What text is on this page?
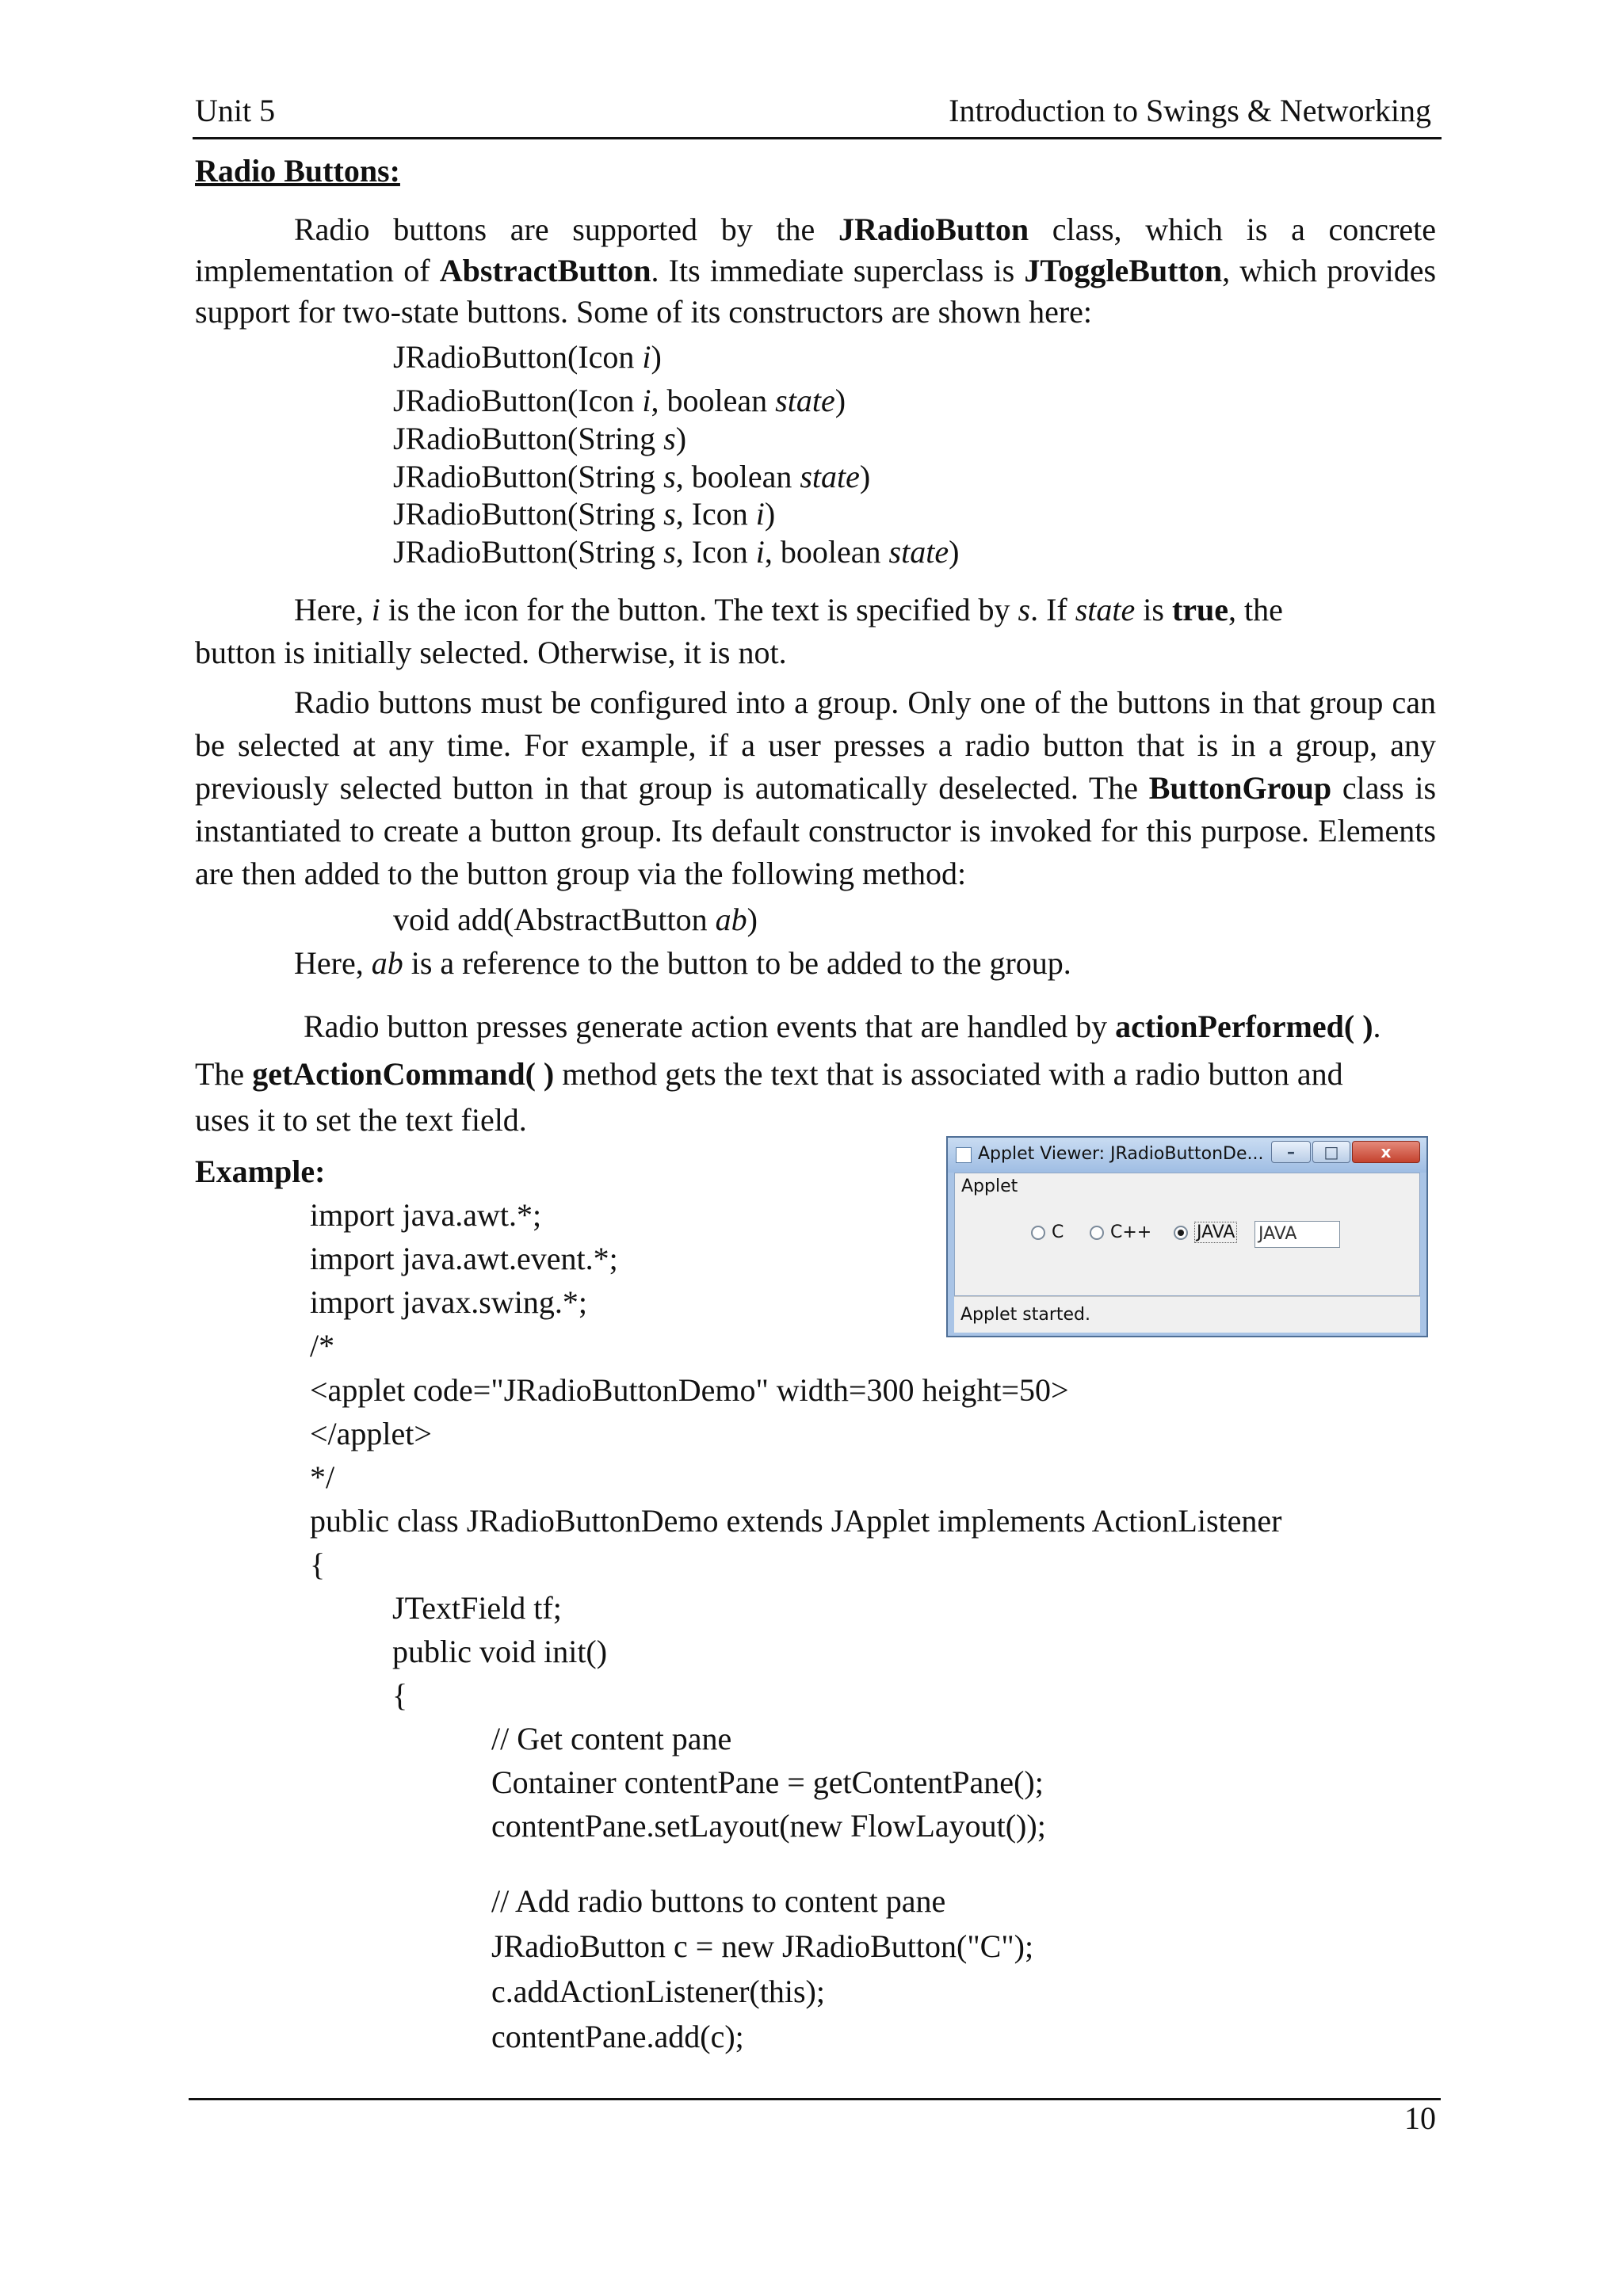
Unit 5	Introduction to Swings & Networking
Radio Buttons:

Radio buttons are supported by the JRadioButton class, which is a concrete implementation of AbstractButton. Its immediate superclass is JToggleButton, which provides support for two-state buttons. Some of its constructors are shown here:

JRadioButton(Icon i)
JRadioButton(Icon i, boolean state)
JRadioButton(String s)
JRadioButton(String s, boolean state)
JRadioButton(String s, Icon i)
JRadioButton(String s, Icon i, boolean state)
Here, i is the icon for the button. The text is specified by s. If state is true, the
button is initially selected. Otherwise, it is not.

Radio buttons must be configured into a group. Only one of the buttons in that group can be selected at any time. For example, if a user presses a radio button that is in a group, any previously selected button in that group is automatically deselected. The ButtonGroup class is instantiated to create a button group. Its default constructor is invoked for this purpose. Elements are then added to the button group via the following method:

void add(AbstractButton ab)
Here, ab is a reference to the button to be added to the group.
Radio button presses generate action events that are handled by actionPerformed( ).
The getActionCommand( ) method gets the text that is associated with a radio button and
uses it to set the text field.
Example:
import java.awt.*;
import java.awt.event.*;
import javax.swing.*;
/*
<applet code="JRadioButtonDemo" width=300 height=50>
</applet>
*/
public class JRadioButtonDemo extends JApplet implements ActionListener
{
JTextField tf;
public void init()
{
// Get content pane
Container contentPane = getContentPane();
contentPane.setLayout(new FlowLayout());
// Add radio buttons to content pane
JRadioButton c = new JRadioButton("C");
c.addActionListener(this);
contentPane.add(c);
Applet Viewer: JRadioButtonDe...	–	□	x
Applet
C	C++	JAVA JAVA
Applet started.
10
